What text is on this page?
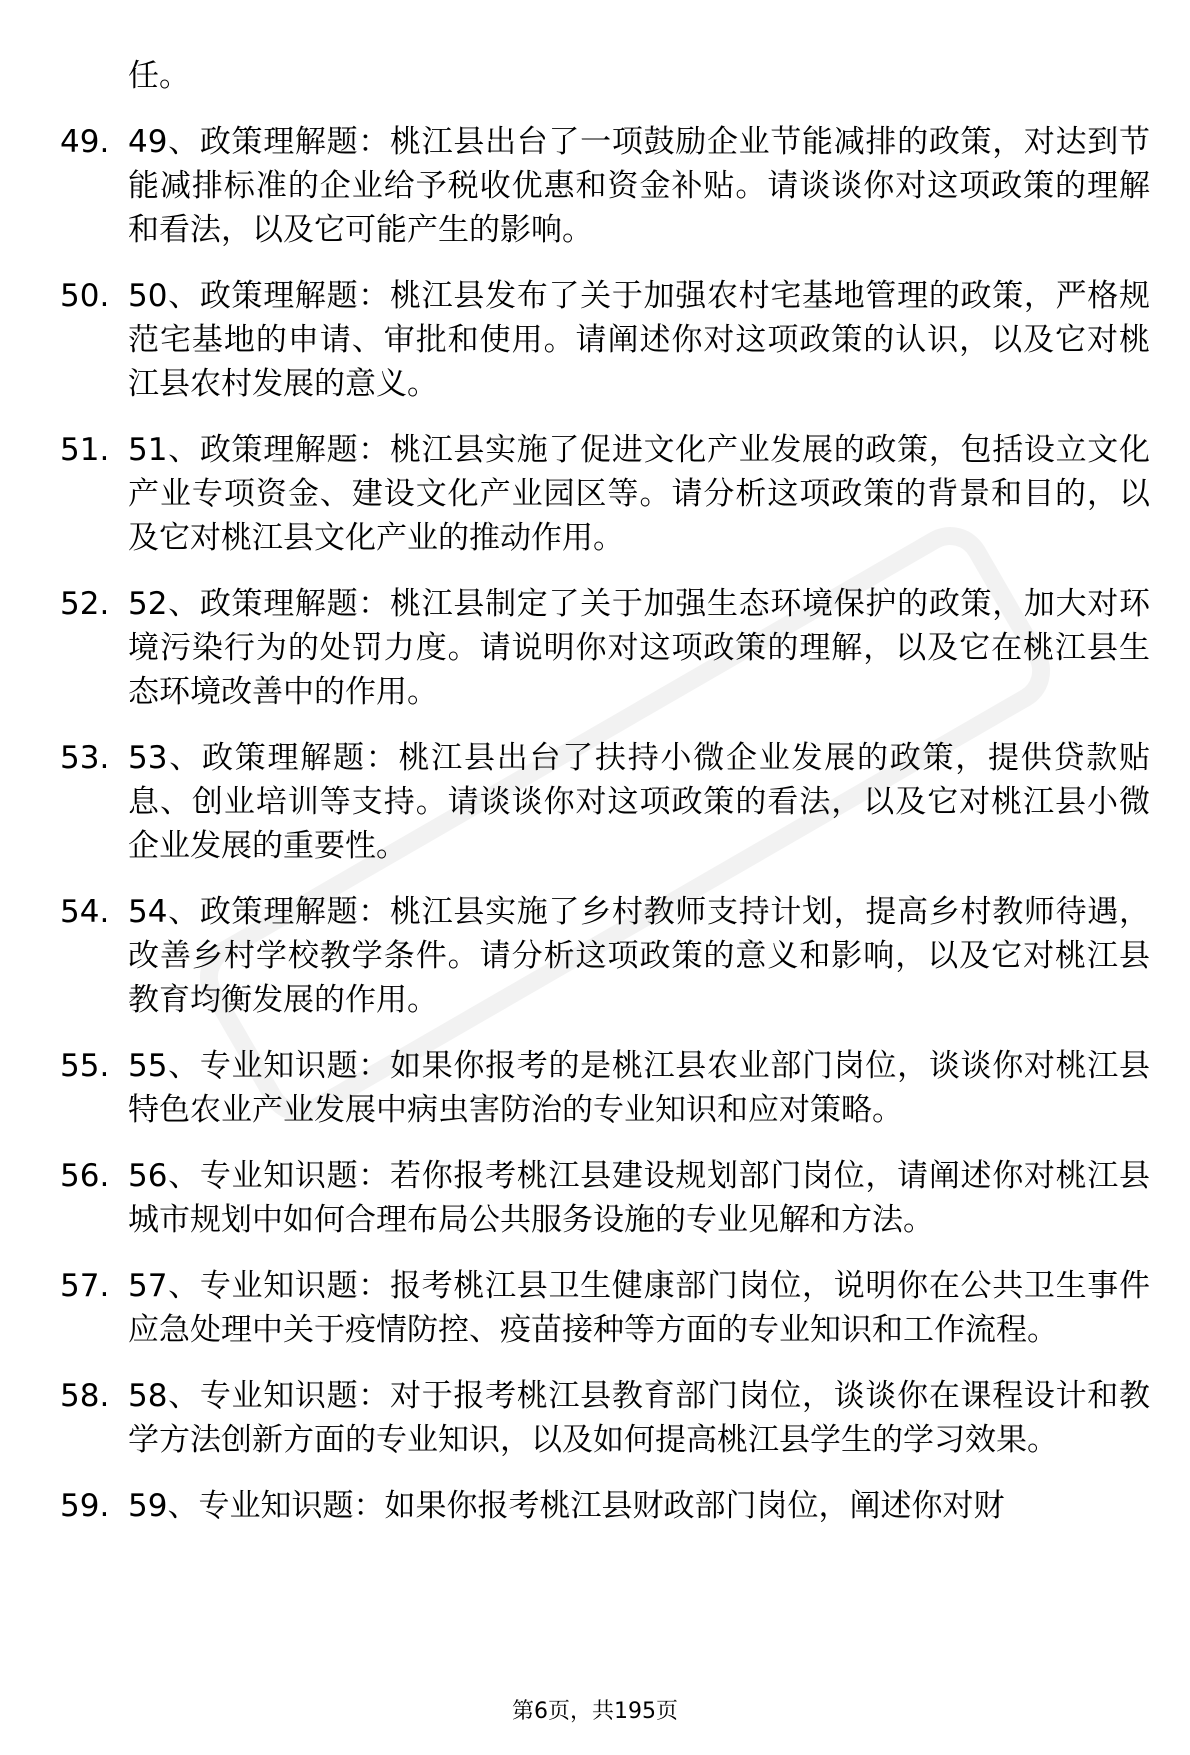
任。
49. 49、政策理解题：桃江县出台了一项鼓励企业节能减排的政策，对达到节能减排标准的企业给予税收优惠和资金补贴。请谈谈你对这项政策的理解和看法，以及它可能产生的影响。
50. 50、政策理解题：桃江县发布了关于加强农村宅基地管理的政策，严格规范宅基地的申请、审批和使用。请阐述你对这项政策的认识，以及它对桃江县农村发展的意义。
51. 51、政策理解题：桃江县实施了促进文化产业发展的政策，包括设立文化产业专项资金、建设文化产业园区等。请分析这项政策的背景和目的，以及它对桃江县文化产业的推动作用。
52. 52、政策理解题：桃江县制定了关于加强生态环境保护的政策，加大对环境污染行为的处罚力度。请说明你对这项政策的理解，以及它在桃江县生态环境改善中的作用。
53. 53、政策理解题：桃江县出台了扶持小微企业发展的政策，提供贷款贴息、创业培训等支持。请谈谈你对这项政策的看法，以及它对桃江县小微企业发展的重要性。
54. 54、政策理解题：桃江县实施了乡村教师支持计划，提高乡村教师待遇，改善乡村学校教学条件。请分析这项政策的意义和影响，以及它对桃江县教育均衡发展的作用。
55. 55、专业知识题：如果你报考的是桃江县农业部门岗位，谈谈你对桃江县特色农业产业发展中病虫害防治的专业知识和应对策略。
56. 56、专业知识题：若你报考桃江县建设规划部门岗位，请阐述你对桃江县城市规划中如何合理布局公共服务设施的专业见解和方法。
57. 57、专业知识题：报考桃江县卫生健康部门岗位，说明你在公共卫生事件应急处理中关于疫情防控、疫苗接种等方面的专业知识和工作流程。
58. 58、专业知识题：对于报考桃江县教育部门岗位，谈谈你在课程设计和教学方法创新方面的专业知识，以及如何提高桃江县学生的学习效果。
59. 59、专业知识题：如果你报考桃江县财政部门岗位，阐述你对财
第6页，共195页
